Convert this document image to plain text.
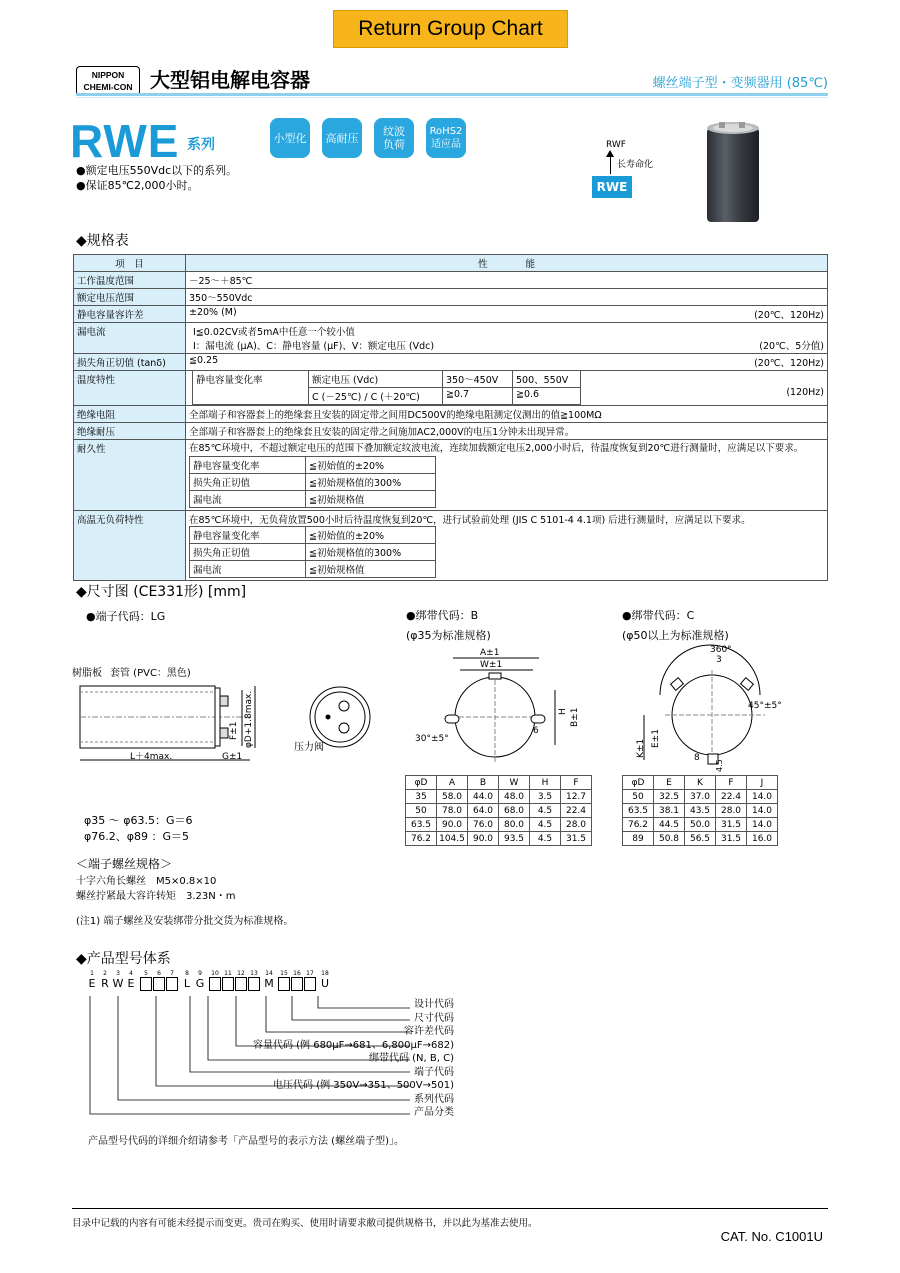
Return Group Chart
NIPPON
CHEMI-CON 大型铝电解电容器	螺丝端子型・变频器用 (85℃)
RWE 系列	小型化	高耐压	纹波
负荷
RoHS2
适应品
●额定电压550Vdc以下的系列。
●保证85℃2,000小时。
RWF
长寿命化
RWE
◆规格表
项　目	性　　　　能
工作温度范围	－25〜＋85℃
额定电压范围	350〜550Vdc
静电容量容许差	±20% (M)	(20℃、120Hz)

漏电流	I≦0.02CV或者5mA中任意一个较小值
I：漏电流 (μA)、C：静电容量 (μF)、V：额定电压 (Vdc)	(20℃、5分值)

损失角正切值 (tanδ)	≦0.25	(20℃、120Hz)

温度特性		静电容量变化率	额定电压 (Vdc)	350〜450V	500、550V
C (－25℃) / C (＋20℃)	≧0.7	≧0.6	(120Hz)

绝缘电阻	全部端子和容器套上的绝缘套且安装的固定带之间用DC500V的绝缘电阻测定仪测出的值≧100MΩ
绝缘耐压	全部端子和容器套上的绝缘套且安装的固定带之间施加AC2,000V的电压1分钟未出现异常。
耐久性	在85℃环境中，不超过额定电压的范围下叠加额定纹波电流，连续加载额定电压2,000小时后，待温度恢复到20℃进行测量时，应满足以下要求。
静电容量变化率	≦初始值的±20%
损失角正切值	≦初始规格值的300%
漏电流	≦初始规格值

高温无负荷特性	在85℃环境中，无负荷放置500小时后待温度恢复到20℃，进行试验前处理 (JIS C 5101-4 4.1项) 后进行测量时，应满足以下要求。
静电容量变化率	≦初始值的±20%
损失角正切值	≦初始规格值的300%
漏电流	≦初始规格值
◆尺寸图 (CE331形) [mm]
●端子代码：LG	●绑带代码：B
(φ35为标准规格)
●绑带代码：C
(φ50以上为标准规格)
树脂板 套管 (PVC：黑色)
L＋4max.	G±1
F±1 φD+1.8max.	压力阀
A±1
W±1
H B±1
6
30°±5°
360°
3
45°±5°
K±1
E±1
8
4.5
φD	A	B	W	H	F
35	58.0	44.0	48.0	3.5	12.7
50	78.0	64.0	68.0	4.5	22.4
63.5	90.0	76.0	80.0	4.5	28.0
76.2	104.5	90.0	93.5	4.5	31.5
φD	E	K	F	J
50	32.5	37.0	22.4	14.0
63.5	38.1	43.5	28.0	14.0
76.2	44.5	50.0	31.5	14.0
89	50.8	56.5	31.5	16.0
φ35 〜 φ63.5：G＝6
φ76.2、φ89 ：G＝5
＜端子螺丝规格＞
十字六角长螺丝　M5×0.8×10
螺丝拧紧最大容许转矩　3.23N・m
(注1) 端子螺丝及安装绑带分批交货为标准规格。
◆产品型号体系
1
E
2
R
3
W
4
E
5	6	7	8
L
9
G
10 11 12 13	14
M
15 16 17	18
U
设计代码
尺寸代码
容许差代码
容量代码 (例 680μF→681、6,800μF→682)
绑带代码 (N, B, C)
端子代码
电压代码 (例 350V→351、500V→501)
系列代码
产品分类
产品型号代码的详细介绍请参考「产品型号的表示方法 (螺丝端子型)」。
目录中记载的内容有可能未经提示而变更。贵司在购买、使用时请要求敝司提供规格书，并以此为基准去使用。
CAT. No. C1001U
